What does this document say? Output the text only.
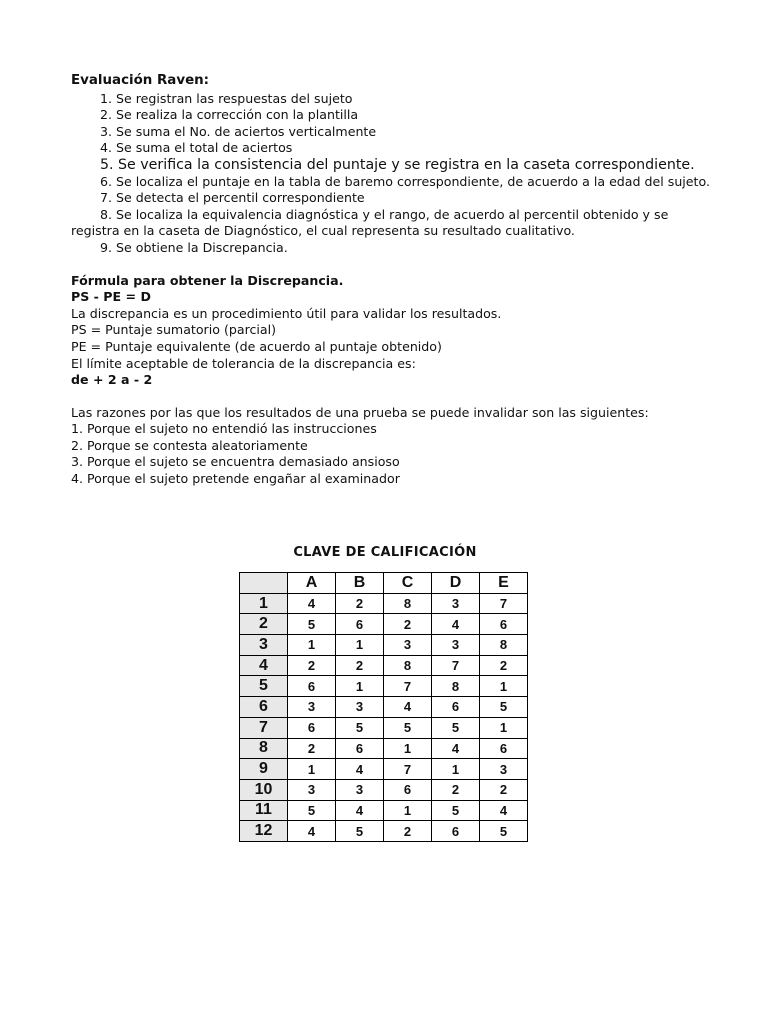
Evaluación Raven:
1. Se registran las respuestas del sujeto
2. Se realiza la corrección con la plantilla
3. Se suma el No. de aciertos verticalmente
4. Se suma el total de aciertos
5. Se verifica la consistencia del puntaje y se registra en la caseta correspondiente.
6. Se localiza el puntaje en la tabla de baremo correspondiente, de acuerdo a la edad del sujeto.
7. Se detecta el percentil correspondiente
8. Se localiza la equivalencia diagnóstica y el rango, de acuerdo al percentil obtenido y se
registra en la caseta de Diagnóstico, el cual representa su resultado cualitativo.
9. Se obtiene la Discrepancia.
Fórmula para obtener la Discrepancia.
PS - PE = D
La discrepancia es un procedimiento útil para validar los resultados.
PS = Puntaje sumatorio (parcial)
PE = Puntaje equivalente (de acuerdo al puntaje obtenido)
El límite aceptable de tolerancia de la discrepancia es:
de + 2 a - 2
Las razones por las que los resultados de una prueba se puede invalidar son las siguientes:
1. Porque el sujeto no entendió las instrucciones
2. Porque se contesta aleatoriamente
3. Porque el sujeto se encuentra demasiado ansioso
4. Porque el sujeto pretende engañar al examinador
CLAVE DE CALIFICACIÓN
	A	B	C	D	E
1	4	2	8	3	7
2	5	6	2	4	6
3	1	1	3	3	8
4	2	2	8	7	2
5	6	1	7	8	1
6	3	3	4	6	5
7	6	5	5	5	1
8	2	6	1	4	6
9	1	4	7	1	3
10	3	3	6	2	2
11	5	4	1	5	4
12	4	5	2	6	5
